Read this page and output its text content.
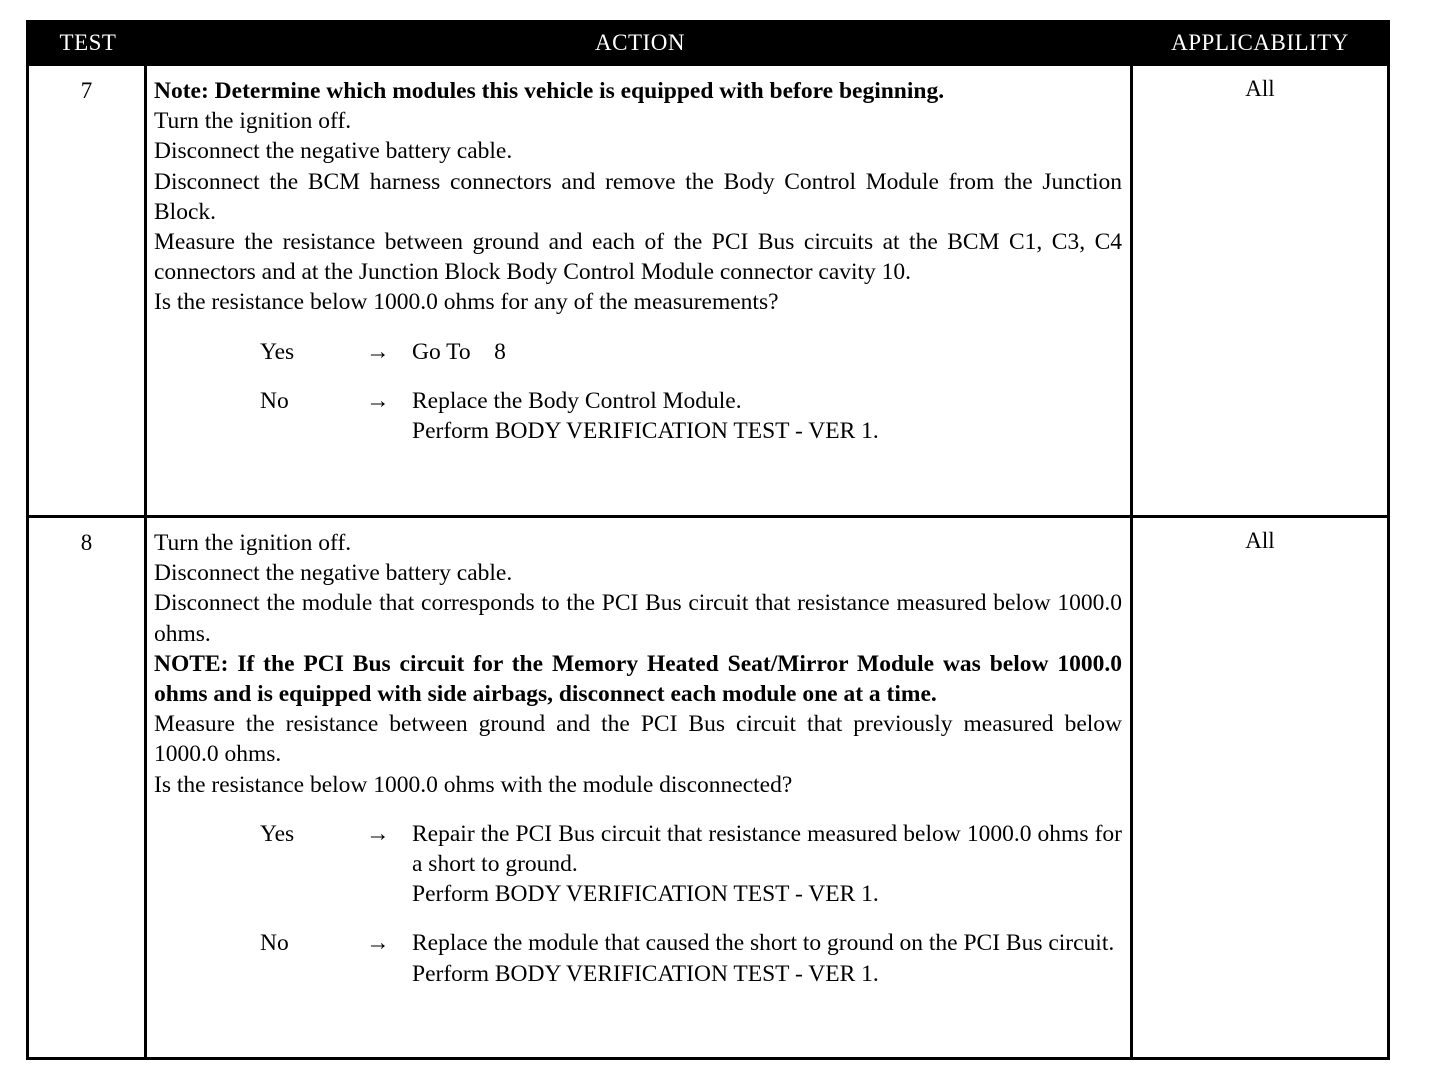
TEST	ACTION	APPLICABILITY
7	Note: Determine which modules this vehicle is equipped with before beginning.
Turn the ignition off.
Disconnect the negative battery cable.
Disconnect the BCM harness connectors and remove the Body Control Module from the Junction Block.
Measure the resistance between ground and each of the PCI Bus circuits at the BCM C1, C3, C4 connectors and at the Junction Block Body Control Module connector cavity 10.
Is the resistance below 1000.0 ohms for any of the measurements?
Yes	→ Go To    8
No	→ Replace the Body Control Module.
Perform BODY VERIFICATION TEST - VER 1.
All
8	Turn the ignition off.
Disconnect the negative battery cable.
Disconnect the module that corresponds to the PCI Bus circuit that resistance measured below 1000.0 ohms.
NOTE: If the PCI Bus circuit for the Memory Heated Seat/Mirror Module was below 1000.0 ohms and is equipped with side airbags, disconnect each module one at a time.
Measure the resistance between ground and the PCI Bus circuit that previously measured below 1000.0 ohms.
Is the resistance below 1000.0 ohms with the module disconnected?
Yes	→ Repair the PCI Bus circuit that resistance measured below 1000.0 ohms for a short to ground.
Perform BODY VERIFICATION TEST - VER 1.
No	→ Replace the module that caused the short to ground on the PCI Bus circuit.
Perform BODY VERIFICATION TEST - VER 1.
All
